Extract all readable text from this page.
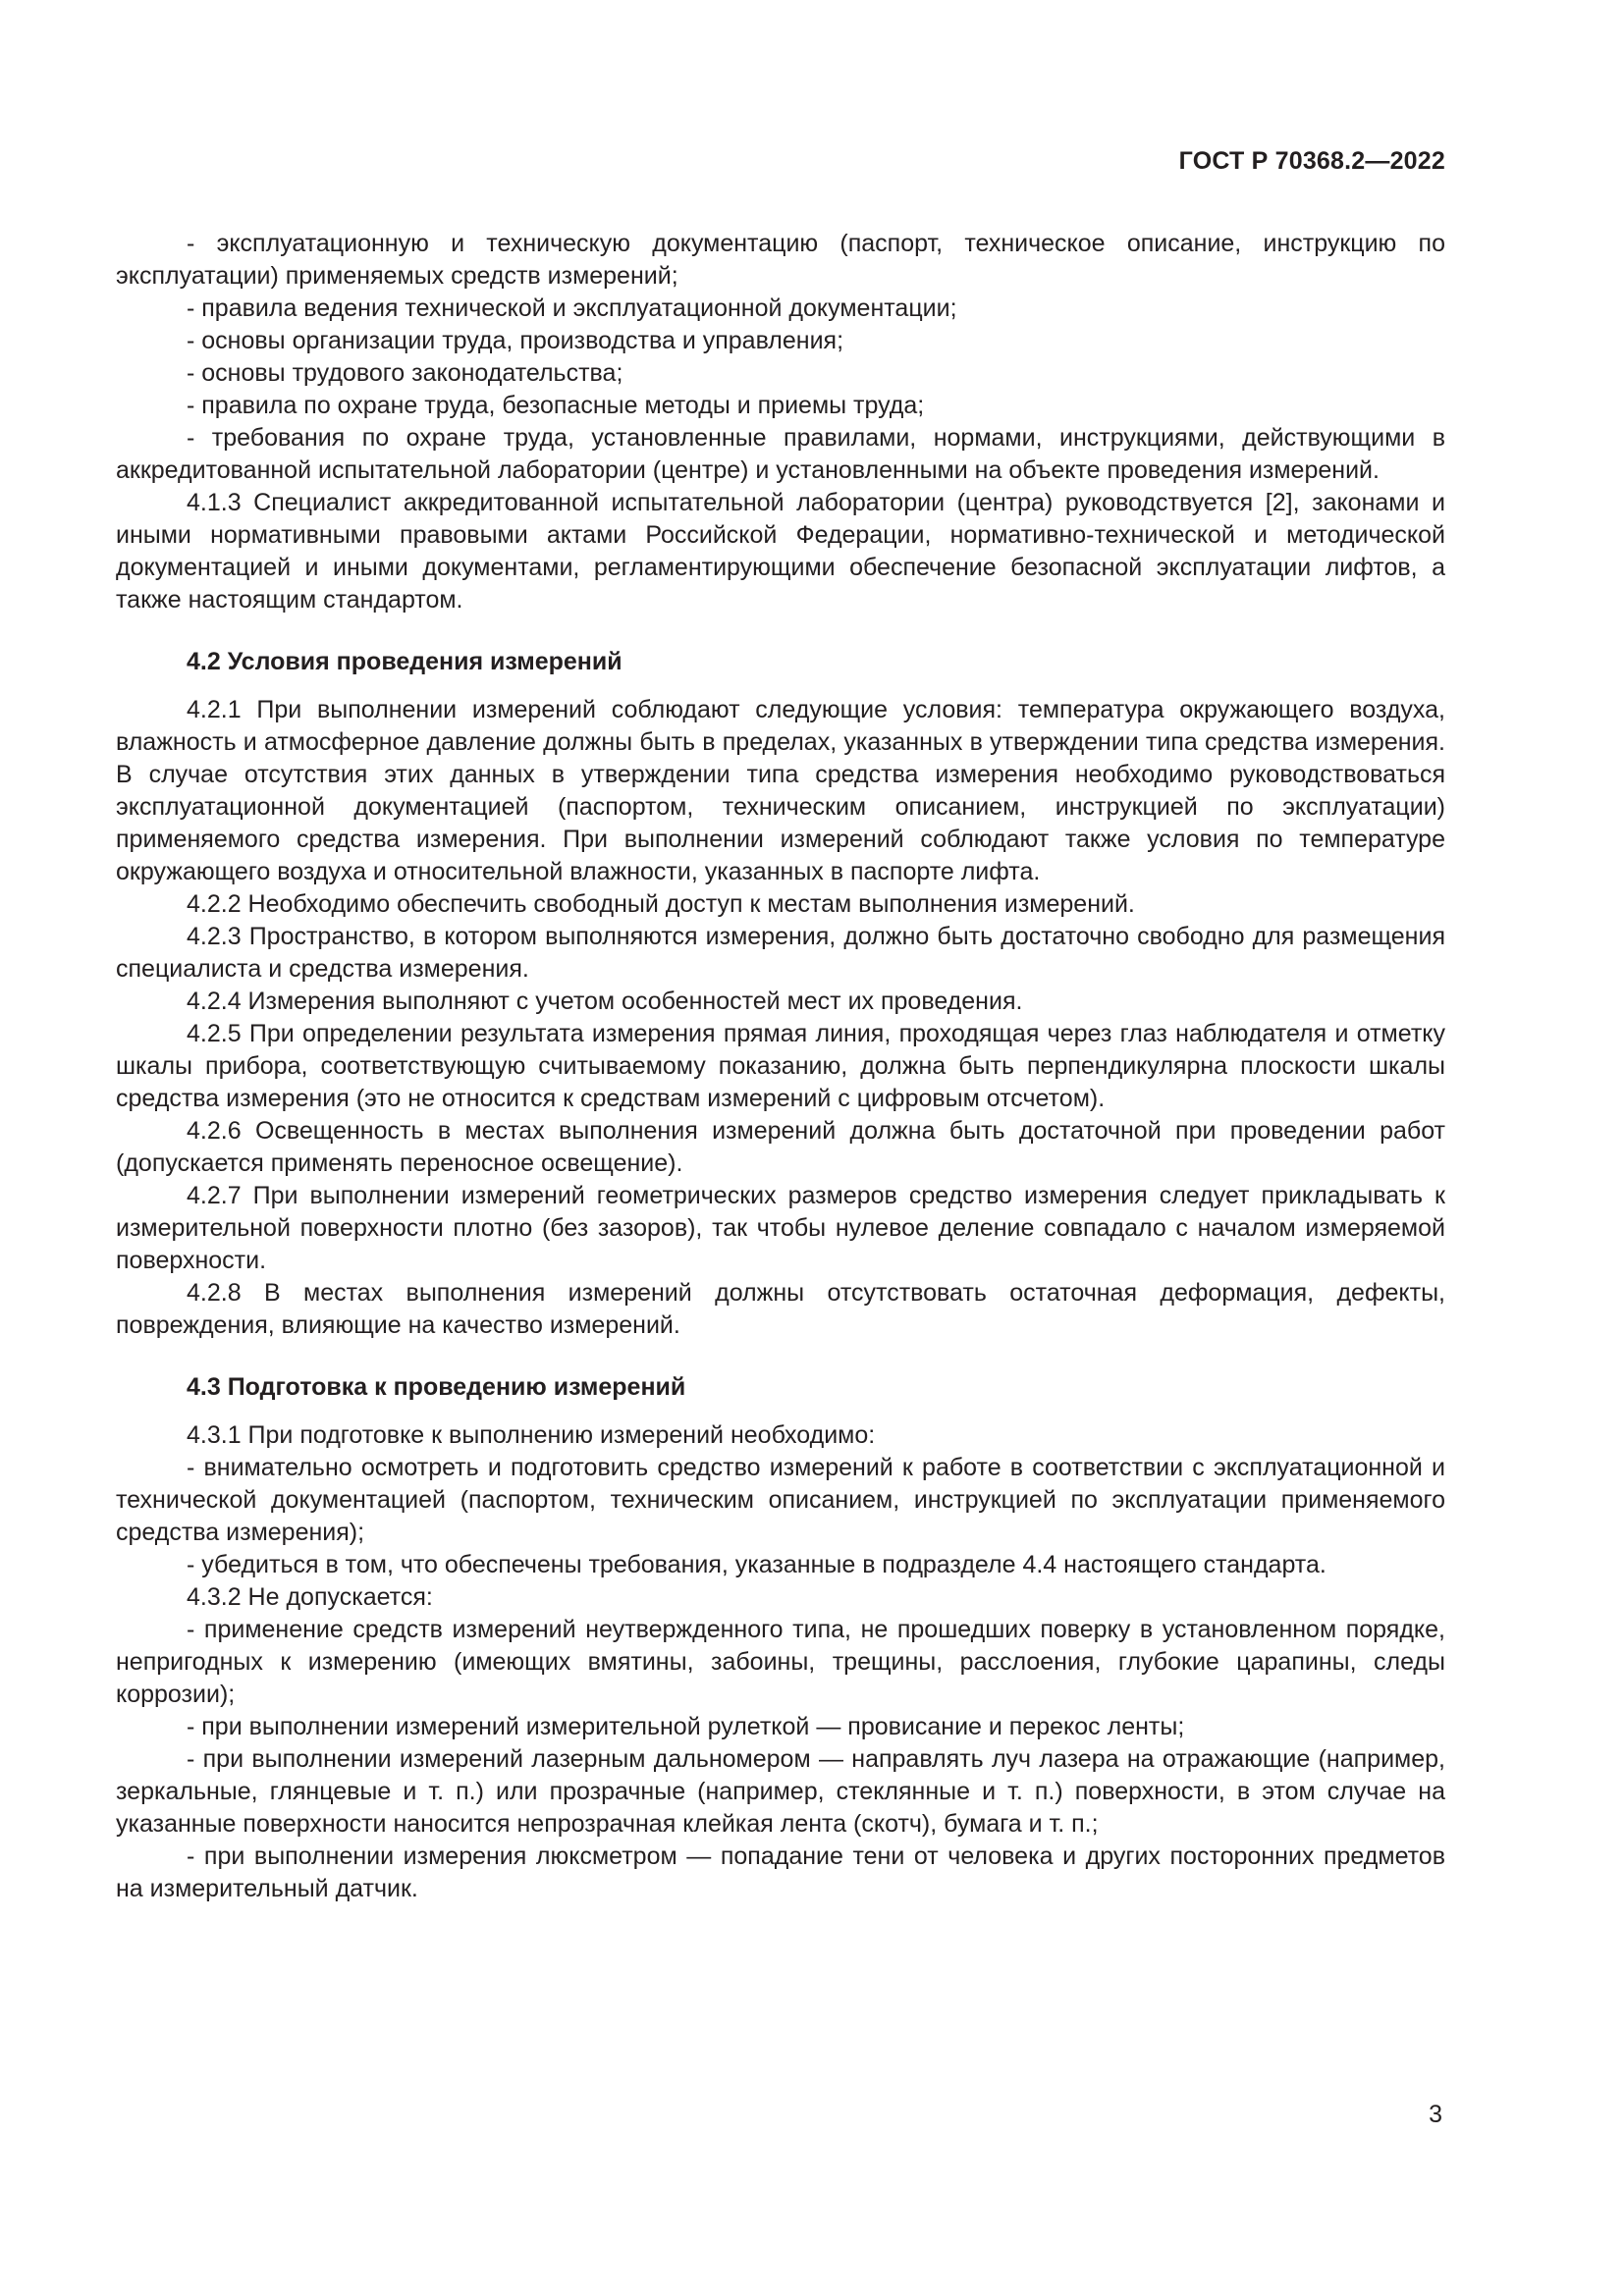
ГОСТ Р 70368.2—2022

- эксплуатационную и техническую документацию (паспорт, техническое описание, инструкцию по эксплуатации) применяемых средств измерений;

- правила ведения технической и эксплуатационной документации;

- основы организации труда, производства и управления;

- основы трудового законодательства;

- правила по охране труда, безопасные методы и приемы труда;

- требования по охране труда, установленные правилами, нормами, инструкциями, действующими в аккредитованной испытательной лаборатории (центре) и установленными на объекте проведения измерений.

4.1.3 Специалист аккредитованной испытательной лаборатории (центра) руководствуется [2], законами и иными нормативными правовыми актами Российской Федерации, нормативно-технической и методической документацией и иными документами, регламентирующими обеспечение безопасной эксплуатации лифтов, а также настоящим стандартом.

4.2 Условия проведения измерений

4.2.1 При выполнении измерений соблюдают следующие условия: температура окружающего воздуха, влажность и атмосферное давление должны быть в пределах, указанных в утверждении типа средства измерения. В случае отсутствия этих данных в утверждении типа средства измерения необходимо руководствоваться эксплуатационной документацией (паспортом, техническим описанием, инструкцией по эксплуатации) применяемого средства измерения. При выполнении измерений соблюдают также условия по температуре окружающего воздуха и относительной влажности, указанных в паспорте лифта.

4.2.2 Необходимо обеспечить свободный доступ к местам выполнения измерений.

4.2.3 Пространство, в котором выполняются измерения, должно быть достаточно свободно для размещения специалиста и средства измерения.

4.2.4 Измерения выполняют с учетом особенностей мест их проведения.

4.2.5 При определении результата измерения прямая линия, проходящая через глаз наблюдателя и отметку шкалы прибора, соответствующую считываемому показанию, должна быть перпендикулярна плоскости шкалы средства измерения (это не относится к средствам измерений с цифровым отсчетом).

4.2.6 Освещенность в местах выполнения измерений должна быть достаточной при проведении работ (допускается применять переносное освещение).

4.2.7 При выполнении измерений геометрических размеров средство измерения следует прикладывать к измерительной поверхности плотно (без зазоров), так чтобы нулевое деление совпадало с началом измеряемой поверхности.

4.2.8 В местах выполнения измерений должны отсутствовать остаточная деформация, дефекты, повреждения, влияющие на качество измерений.

4.3 Подготовка к проведению измерений

4.3.1 При подготовке к выполнению измерений необходимо:

- внимательно осмотреть и подготовить средство измерений к работе в соответствии с эксплуатационной и технической документацией (паспортом, техническим описанием, инструкцией по эксплуатации применяемого средства измерения);

- убедиться в том, что обеспечены требования, указанные в подразделе 4.4 настоящего стандарта.

4.3.2 Не допускается:

- применение средств измерений неутвержденного типа, не прошедших поверку в установленном порядке, непригодных к измерению (имеющих вмятины, забоины, трещины, расслоения, глубокие царапины, следы коррозии);

- при выполнении измерений измерительной рулеткой — провисание и перекос ленты;

- при выполнении измерений лазерным дальномером — направлять луч лазера на отражающие (например, зеркальные, глянцевые и т. п.) или прозрачные (например, стеклянные и т. п.) поверхности, в этом случае на указанные поверхности наносится непрозрачная клейкая лента (скотч), бумага и т. п.;

- при выполнении измерения люксметром — попадание тени от человека и других посторонних предметов на измерительный датчик.

3
